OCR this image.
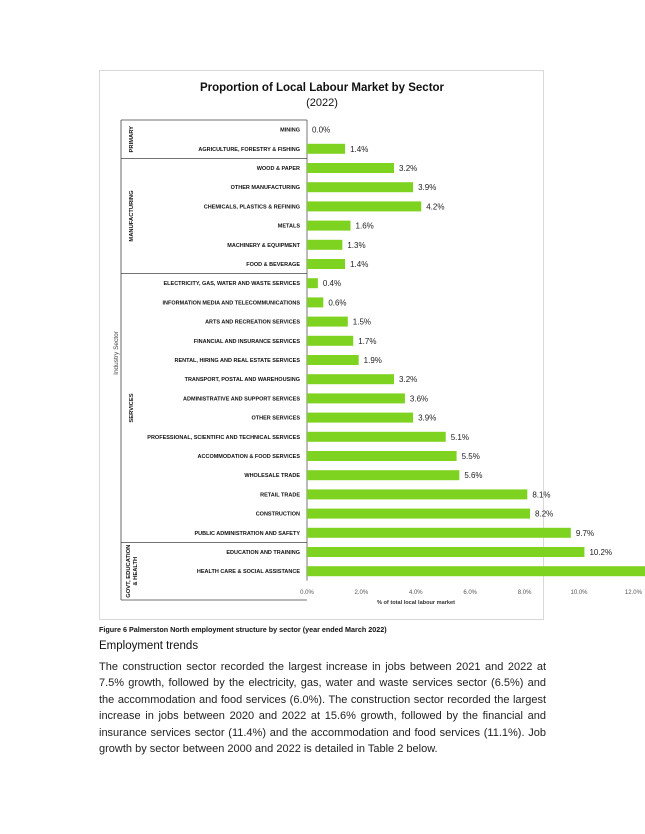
Proportion of Local Labour Market by Sector
(2022)
PRIMARY
MANUFACTURING
SERVICES
GOVT, EDUCATION & HEALTH
MINING 0.0%
AGRICULTURE, FORESTRY & FISHING	1.4%
WOOD & PAPER	3.2%
OTHER MANUFACTURING	3.9%
CHEMICALS, PLASTICS & REFINING	4.2%
METALS	1.6%
MACHINERY & EQUIPMENT	1.3%
FOOD & BEVERAGE	1.4%
ELECTRICITY, GAS, WATER AND WASTE SERVICES	0.4%
INFORMATION MEDIA AND TELECOMMUNICATIONS	0.6%
ARTS AND RECREATION SERVICES	1.5%
FINANCIAL AND INSURANCE SERVICES	1.7%
RENTAL, HIRING AND REAL ESTATE SERVICES	1.9%
TRANSPORT, POSTAL AND WAREHOUSING	3.2%
ADMINISTRATIVE AND SUPPORT SERVICES	3.6%
OTHER SERVICES	3.9%
PROFESSIONAL, SCIENTIFIC AND TECHNICAL SERVICES	5.1%
ACCOMMODATION & FOOD SERVICES	5.5%
WHOLESALE TRADE	5.6%
RETAIL TRADE	8.1%
CONSTRUCTION	8.2%
PUBLIC ADMINISTRATION AND SAFETY	9.7%
EDUCATION AND TRAINING	10.2%
HEALTH CARE & SOCIAL ASSISTANCE
0.0%	2.0%	4.0%	6.0%	8.0%	10.0%	12.0%
% of total local labour market
Industry Sector
Figure 6 Palmerston North employment structure by sector (year ended March 2022)
Employment trends

The construction sector recorded the largest increase in jobs between 2021 and 2022 at 7.5% growth, followed by the electricity, gas, water and waste services sector (6.5%) and the accommodation and food services (6.0%). The construction sector recorded the largest increase in jobs between 2020 and 2022 at 15.6% growth, followed by the financial and insurance services sector (11.4%) and the accommodation and food services (11.1%). Job growth by sector between 2000 and 2022 is detailed in Table 2 below.
